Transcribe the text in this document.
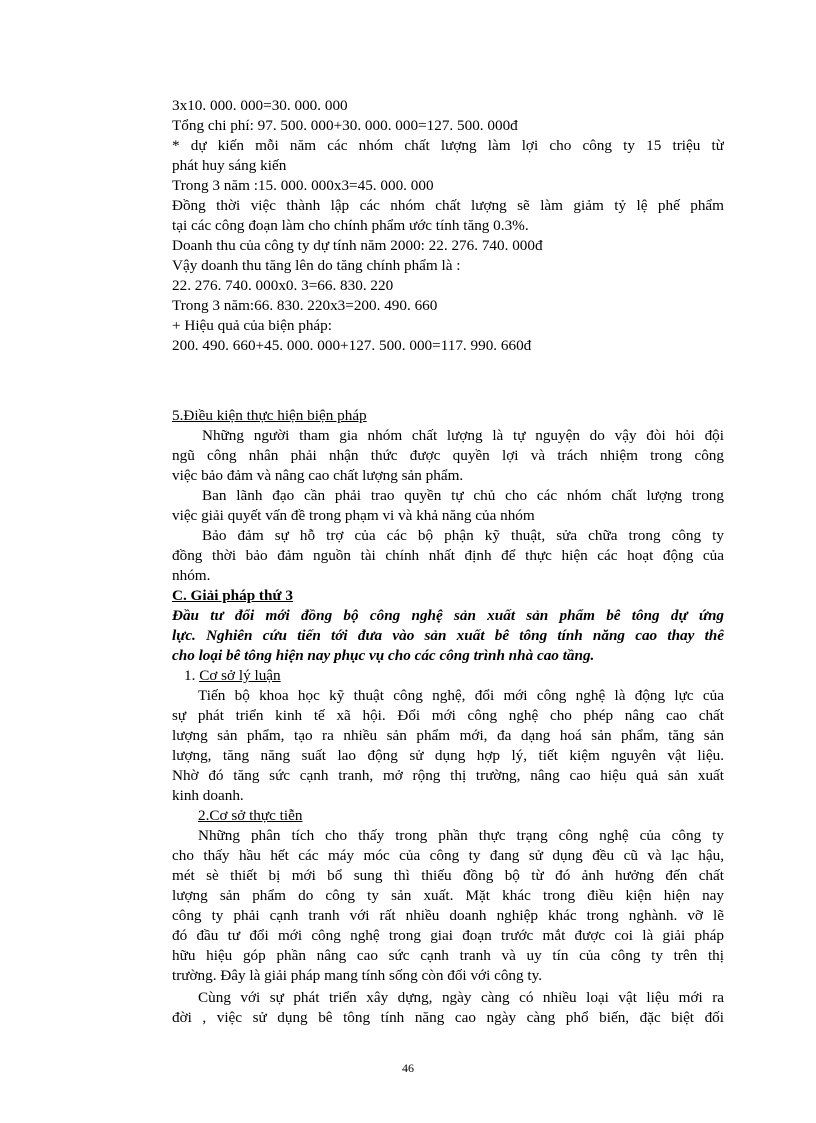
3x10. 000. 000=30. 000. 000
Tổng chi phí: 97. 500. 000+30. 000. 000=127. 500. 000đ
* dự kiến mỗi năm các nhóm chất lượng làm lợi cho công ty 15 triệu từ
phát huy sáng kiến
Trong 3 năm :15. 000. 000x3=45. 000. 000
Đồng thời việc thành lập các nhóm chất lượng sẽ làm giảm tỷ lệ phế phẩm
tại các công đoạn làm cho chính phẩm ước tính tăng 0.3%.
Doanh thu của công ty dự tính năm 2000: 22. 276. 740. 000đ
Vậy doanh thu tăng lên do tăng chính phẩm là :
22. 276. 740. 000x0. 3=66. 830. 220
Trong 3 năm:66. 830. 220x3=200. 490. 660
+ Hiệu quả của biện pháp:
200. 490. 660+45. 000. 000+127. 500. 000=117. 990. 660đ
5.Điều kiện thực hiện biện pháp
Những người tham gia nhóm chất lượng là tự nguyện do vậy đòi hỏi đội
ngũ công nhân phải nhận thức được quyền lợi và trách nhiệm trong công
việc bảo đảm và nâng cao chất lượng sản phẩm.
Ban lãnh đạo cần phải trao quyền tự chủ cho các nhóm chất lượng trong
việc giải quyết vấn đề trong phạm vi và khả năng của nhóm
Bảo đảm sự hỗ trợ của các bộ phận kỹ thuật, sửa chữa trong công ty
đồng thời bảo đảm nguồn tài chính nhất định để thực hiện các hoạt động của
nhóm.
C. Giải pháp thứ 3
Đầu tư đổi mới đồng bộ công nghệ sản xuất sản phẩm bê tông dự ứng
lực. Nghiên cứu tiến tới đưa vào sản xuất bê tông tính năng cao thay thế
cho loại bê tông hiện nay phục vụ cho các công trình nhà cao tầng.
1. Cơ sở lý luận
Tiến bộ khoa học kỹ thuật công nghệ, đổi mới công nghệ là động lực của
sự phát triển kinh tế xã hội. Đổi mới công nghệ cho phép nâng cao chất
lượng sản phẩm, tạo ra nhiều sản phẩm mới, đa dạng hoá sản phẩm, tăng sản
lượng, tăng năng suất lao động sử dụng hợp lý, tiết kiệm nguyên vật liệu.
Nhờ đó tăng sức cạnh tranh, mở rộng thị trường, nâng cao hiệu quả sản xuất
kinh doanh.
2.Cơ sở thực tiễn
Những phân tích cho thấy trong phần thực trạng công nghệ của công ty
cho thấy hầu hết các máy móc của công ty đang sử dụng đều cũ và lạc hậu,
mét sè thiết bị mới bổ sung thì thiếu đồng bộ từ đó ảnh hưởng đến chất
lượng sản phẩm do công ty sản xuất. Mặt khác trong điều kiện hiện nay
công ty phải cạnh tranh với rất nhiều doanh nghiệp khác trong nghành. vỡ lẽ
đó đầu tư đổi mới công nghệ trong giai đoạn trước mắt được coi là giải pháp
hữu hiệu góp phần nâng cao sức cạnh tranh và uy tín của công ty trên thị
trường. Đây là giải pháp mang tính sống còn đối với công ty.
Cùng với sự phát triển xây dựng, ngày càng có nhiều loại vật liệu mới ra
đời , việc sử dụng bê tông tính năng cao ngày càng phổ biến, đặc biệt đối
46
